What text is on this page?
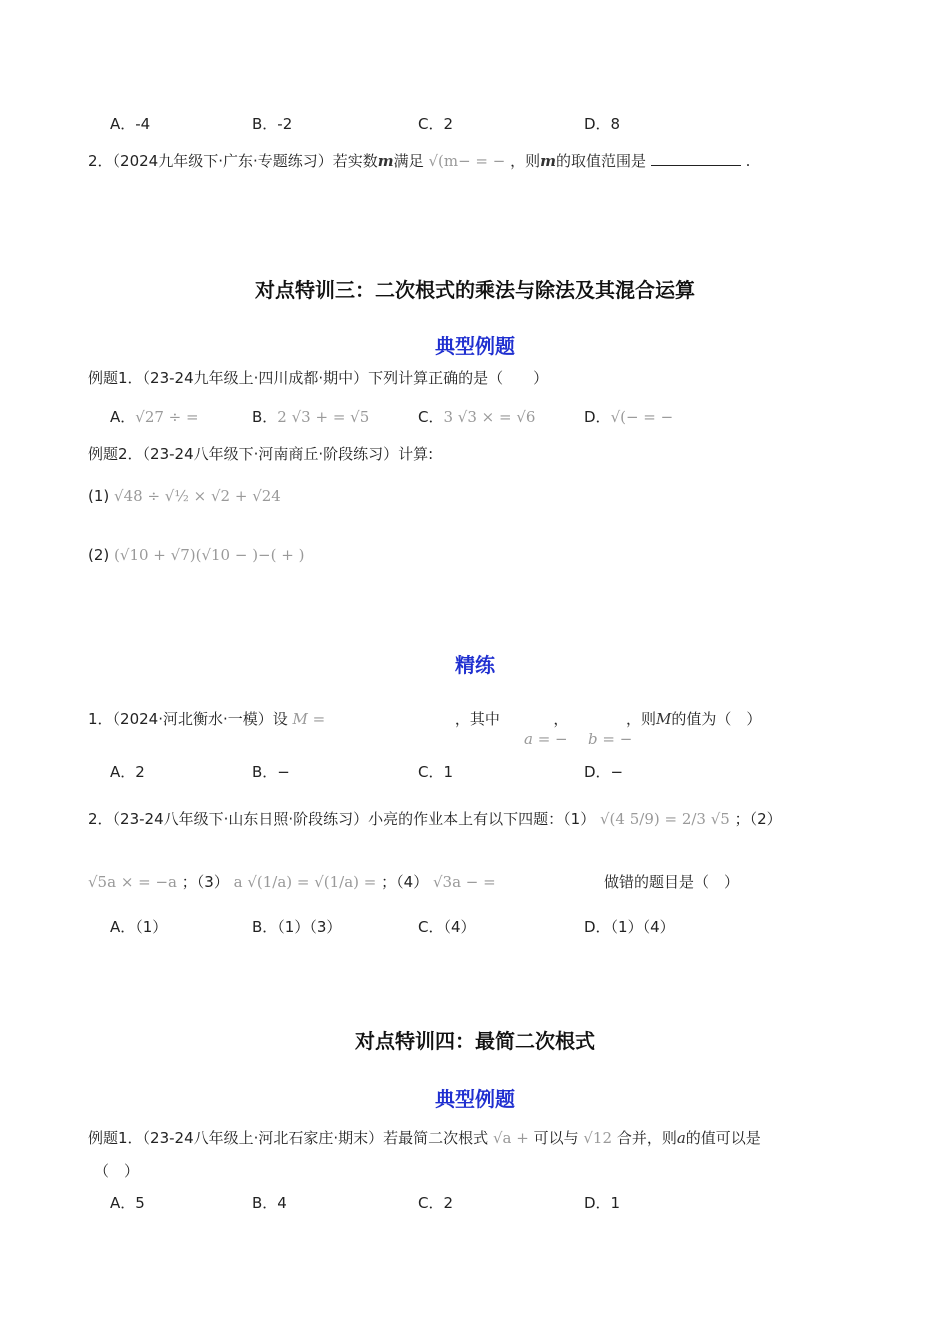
A．-4	B．-2	C．2	D．8
2．（2024九年级下·广东·专题练习）若实数m满足 √(m− = − ，则m的取值范围是	.
对点特训三：二次根式的乘法与除法及其混合运算
典型例题
例题1．（23-24九年级上·四川成都·期中）下列计算正确的是（　　）
A．√27 ÷ =	B．2 √3 + = √5	C．3 √3 × = √6	D．√(− = −
例题2．（23-24八年级下·河南商丘·阶段练习）计算:
(1) √48 ÷ √½ × √2 + √24
(2) (√10 + √7)(√10 − )−( + )
精练
1．（2024·河北衡水·一模）设 M =	，其中	，	，则M的值为（　）
a = − b = −
A．2	B．−	C．1	D．−
2．（23-24八年级下·山东日照·阶段练习）小亮的作业本上有以下四题：（1） √(4 5/9) = 2/3 √5 ；（2）
√5a × = −a ；（3） a √(1/a) = √(1/a) = ；（4） √3a − =	做错的题目是（　）
A．（1）	B．（1）（3）	C．（4）	D．（1）（4）
对点特训四：最简二次根式
典型例题
例题1．（23-24八年级上·河北石家庄·期末）若最简二次根式 √a + 可以与 √12 合并，则a的值可以是
（　）
A．5	B．4	C．2	D．1
